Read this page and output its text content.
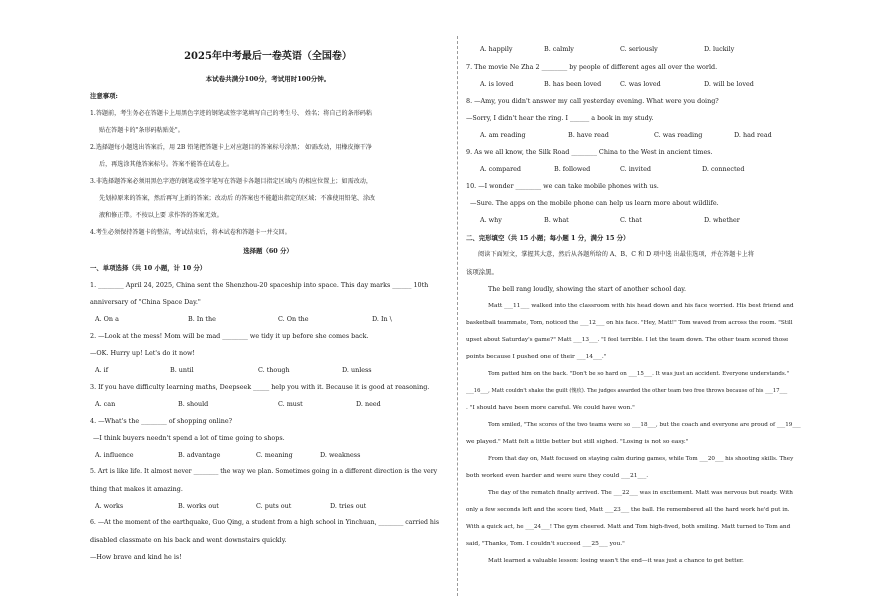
2025年中考最后一卷英语（全国卷）
本试卷共满分100分，考试用时100分钟。
注意事项:
1.答题前，考生务必在答题卡上用黑色字迹的钢笔或签字笔填写自己的考生号、 姓名；将自己的条形码粘
贴在答题卡的"条形码粘贴处"。
2.选择题每小题选出答案后，用 2B 铅笔把答题卡上对应题目的答案标号涂黑； 如需改动，用橡皮擦干净
后，再选涂其他答案标号。答案不能答在试卷上。
3.非选择题答案必须用黑色字迹的钢笔或签字笔写在答题卡各题目指定区域内 的相应位置上；如需改动，
先划掉原来的答案，然后再写上新的答案；改动后 的答案也不能超出指定的区域；不准使用铅笔、涂改
液和修正带。不按以上要 求作答的答案无效。
4.考生必须保持答题卡的整洁，考试结束后，将本试卷和答题卡一并交回。
选择题（60 分）
一、单项选择（共 10 小题，计 10 分）
1. ________ April 24, 2025, China sent the Shenzhou-20 spaceship into space. This day marks ______ 10th
anniversary of "China Space Day."
A. On a	B. In the	C. On the	D. In \
2. —Look at the mess! Mom will be mad ________ we tidy it up before she comes back.
—OK. Hurry up! Let's do it now!
A. if	B. until	C. though	D. unless
3. If you have difficulty learning maths, Deepseek _____ help you with it. Because it is good at reasoning.
A. can	B. should	C. must	D. need
4. —What's the ________ of shopping online?
—I think buyers needn't spend a lot of time going to shops.
A. influence	B. advantage	C. meaning	D. weakness
5. Art is like life. It almost never ________ the way we plan. Sometimes going in a different direction is the very
thing that makes it amazing.
A. works	B. works out	C. puts out	D. tries out
6. —At the moment of the earthquake, Guo Qing, a student from a high school in Yinchuan, ________ carried his
disabled classmate on his back and went downstairs quickly.
—How brave and kind he is!
A. happily	B. calmly	C. seriously	D. luckily
7. The movie Ne Zha 2 ________ by people of different ages all over the world.
A. is loved	B. has been loved	C. was loved	D. will be loved
8. —Amy, you didn't answer my call yesterday evening. What were you doing?
—Sorry, I didn't hear the ring. I ______ a book in my study.
A. am reading	B. have read	C. was reading	D. had read
9. As we all know, the Silk Road ________ China to the West in ancient times.
A. compared	B. followed	C. invited	D. connected
10. —I wonder ________ we can take mobile phones with us.
—Sure. The apps on the mobile phone can help us learn more about wildlife.
A. why	B. what	C. that	D. whether
二、完形填空（共 15 小题；每小题 1 分，满分 15 分）
阅读下面短文，掌握其大意，然后从各题所给的 A、B、C 和 D 项中选 出最佳选项，并在答题卡上将
该项涂黑。
The bell rang loudly, showing the start of another school day.
Matt ___11___ walked into the classroom with his head down and his face worried. His best friend and
basketball teammate, Tom, noticed the ___12___ on his face. "Hey, Matt!" Tom waved from across the room. "Still
upset about Saturday's game?" Matt ___13___. "I feel terrible. I let the team down. The other team scored those
points because I pushed one of their ___14___."
Tom patted him on the back. "Don't be so hard on ___15___. It was just an accident. Everyone understands."
___16___, Matt couldn't shake the guilt (愧疚). The judges awarded the other team two free throws because of his ___17___
. "I should have been more careful. We could have won."
Tom smiled, "The scores of the two teams were so ___18___, but the coach and everyone are proud of ___19___
we played." Matt felt a little better but still sighed. "Losing is not so easy."
From that day on, Matt focused on staying calm during games, while Tom ___20___ his shooting skills. They
both worked even harder and were sure they could ___21___.
The day of the rematch finally arrived. The ___22___ was in excitement. Matt was nervous but ready. With
only a few seconds left and the score tied, Matt ___23___ the ball. He remembered all the hard work he'd put in.
With a quick act, he ___24___! The gym cheered. Matt and Tom high-fived, both smiling. Matt turned to Tom and
said, "Thanks, Tom. I couldn't succeed ___25___ you."
Matt learned a valuable lesson: losing wasn't the end—it was just a chance to get better.
